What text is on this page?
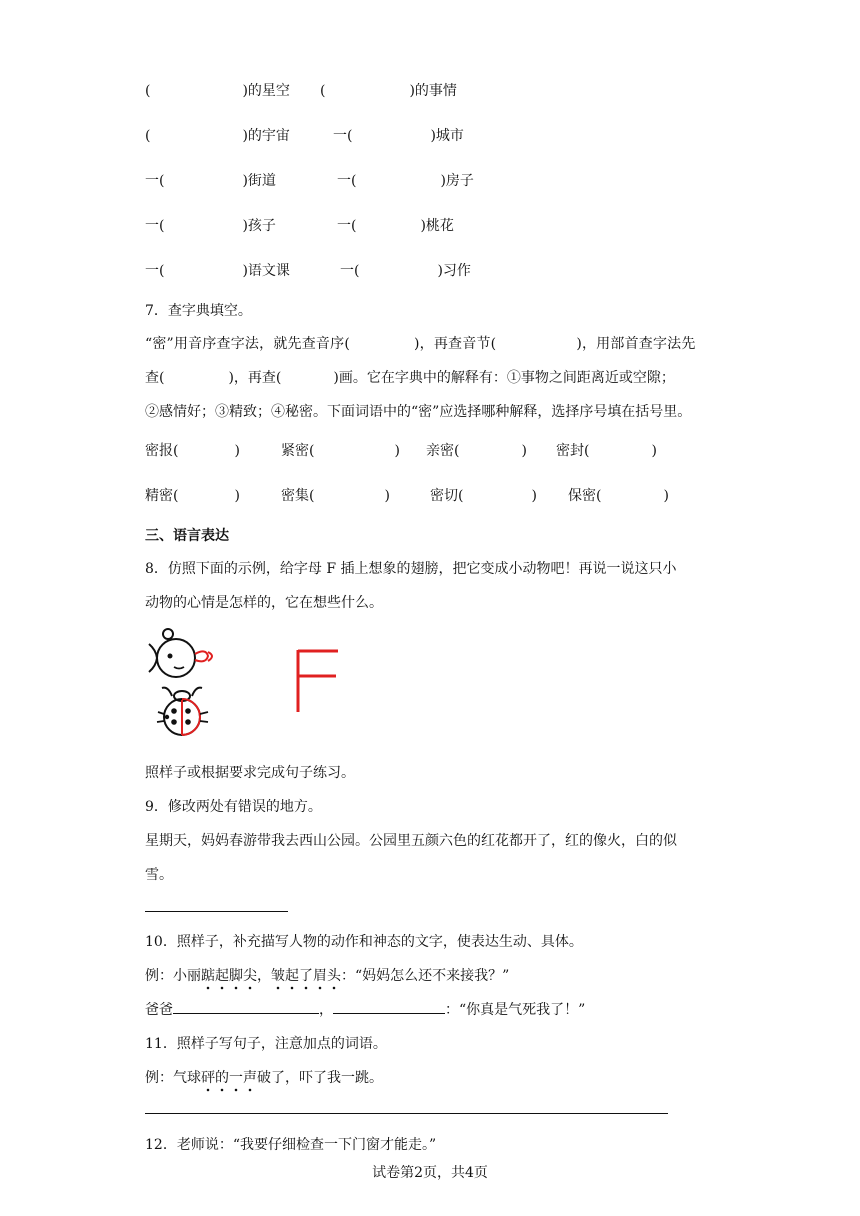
(	)的星空 (	)的事情
(	)的宇宙	一(	)城市
一(	)街道	一(	)房子
一(	)孩子	一(	)桃花
一(	)语文课	一(	)习作
7．查字典填空。
“密”用音序查字法，就先查音序(	)，再查音节(	)，用部首查字法先
查(	)，再查(	)画。它在字典中的解释有：①事物之间距离近或空隙；
②感情好；③精致；④秘密。下面词语中的“密”应选择哪种解释，选择序号填在括号里。
密报(	)	紧密(	) 亲密(	) 密封(	)
精密(	)	密集(	)	密切(	) 保密(	)
三、语言表达
8．仿照下面的示例，给字母 F 插上想象的翅膀，把它变成小动物吧！再说一说这只小
动物的心情是怎样的，它在想些什么。
照样子或根据要求完成句子练习。
9．修改两处有错误的地方。
星期天，妈妈春游带我去西山公园。公园里五颜六色的红花都开了，红的像火，白的似
雪。
10．照样子，补充描写人物的动作和神态的文字，使表达生动、具体。
例：小丽踮起脚尖，皱起了眉头：“妈妈怎么还不来接我？”
爸爸	，	：“你真是气死我了！”
11．照样子写句子，注意加点的词语。
例：气球砰的一声破了，吓了我一跳。
12．老师说：“我要仔细检查一下门窗才能走。”
试卷第2页，共4页
